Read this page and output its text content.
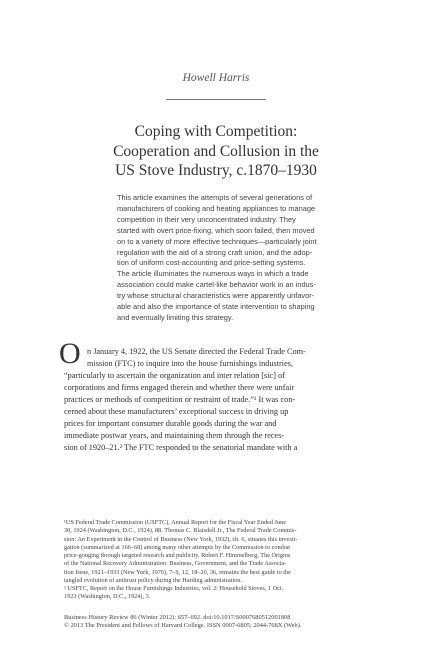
Howell Harris
Coping with Competition:
Cooperation and Collusion in the
US Stove Industry, c.1870–1930
This article examines the attempts of several generations of
manufacturers of cooking and heating appliances to manage
competition in their very unconcentrated industry. They
started with overt price-fixing, which soon failed, then moved
on to a variety of more effective techniques—particularly joint
regulation with the aid of a strong craft union, and the adop-
tion of uniform cost-accounting and price-setting systems.
The article illuminates the numerous ways in which a trade
association could make cartel-like behavior work in an indus-
try whose structural characteristics were apparently unfavor-
able and also the importance of state intervention to shaping
and eventually limiting this strategy.
O n January 4, 1922, the US Senate directed the Federal Trade Com-
mission (FTC) to inquire into the house furnishings industries,
“particularly to ascertain the organization and inter relation [sic] of
corporations and firms engaged therein and whether there were unfair
practices or methods of competition or restraint of trade.”¹ It was con-
cerned about these manufacturers’ exceptional success in driving up
prices for important consumer durable goods during the war and
immediate postwar years, and maintaining them through the reces-
sion of 1920–21.² The FTC responded to the senatorial mandate with a
¹US Federal Trade Commission (USFTC), Annual Report for the Fiscal Year Ended June
30, 1924 (Washington, D.C., 1924), 88. Thomas C. Blaisdell Jr., The Federal Trade Commis-
sion: An Experiment in the Control of Business (New York, 1932), ch. 6, situates this investi-
gation (summarized at 166–68) among many other attempts by the Commission to combat
price-gouging through targeted research and publicity. Robert F. Himmelberg, The Origins
of the National Recovery Administration: Business, Government, and the Trade Associa-
tion Issue, 1921–1933 (New York, 1976), 7–9, 12, 18–20, 36, remains the best guide to the
tangled evolution of antitrust policy during the Harding administration.
² USFTC, Report on the House Furnishings Industries, vol. 2: Household Stoves, 1 Oct.
1923 (Washington, D.C., 1924), 3.
Business History Review 86 (Winter 2012): 657–692. doi:10.1017/S0007680512001808
© 2013 The President and Fellows of Harvard College. ISSN 0007-6805; 2044-768X (Web).
